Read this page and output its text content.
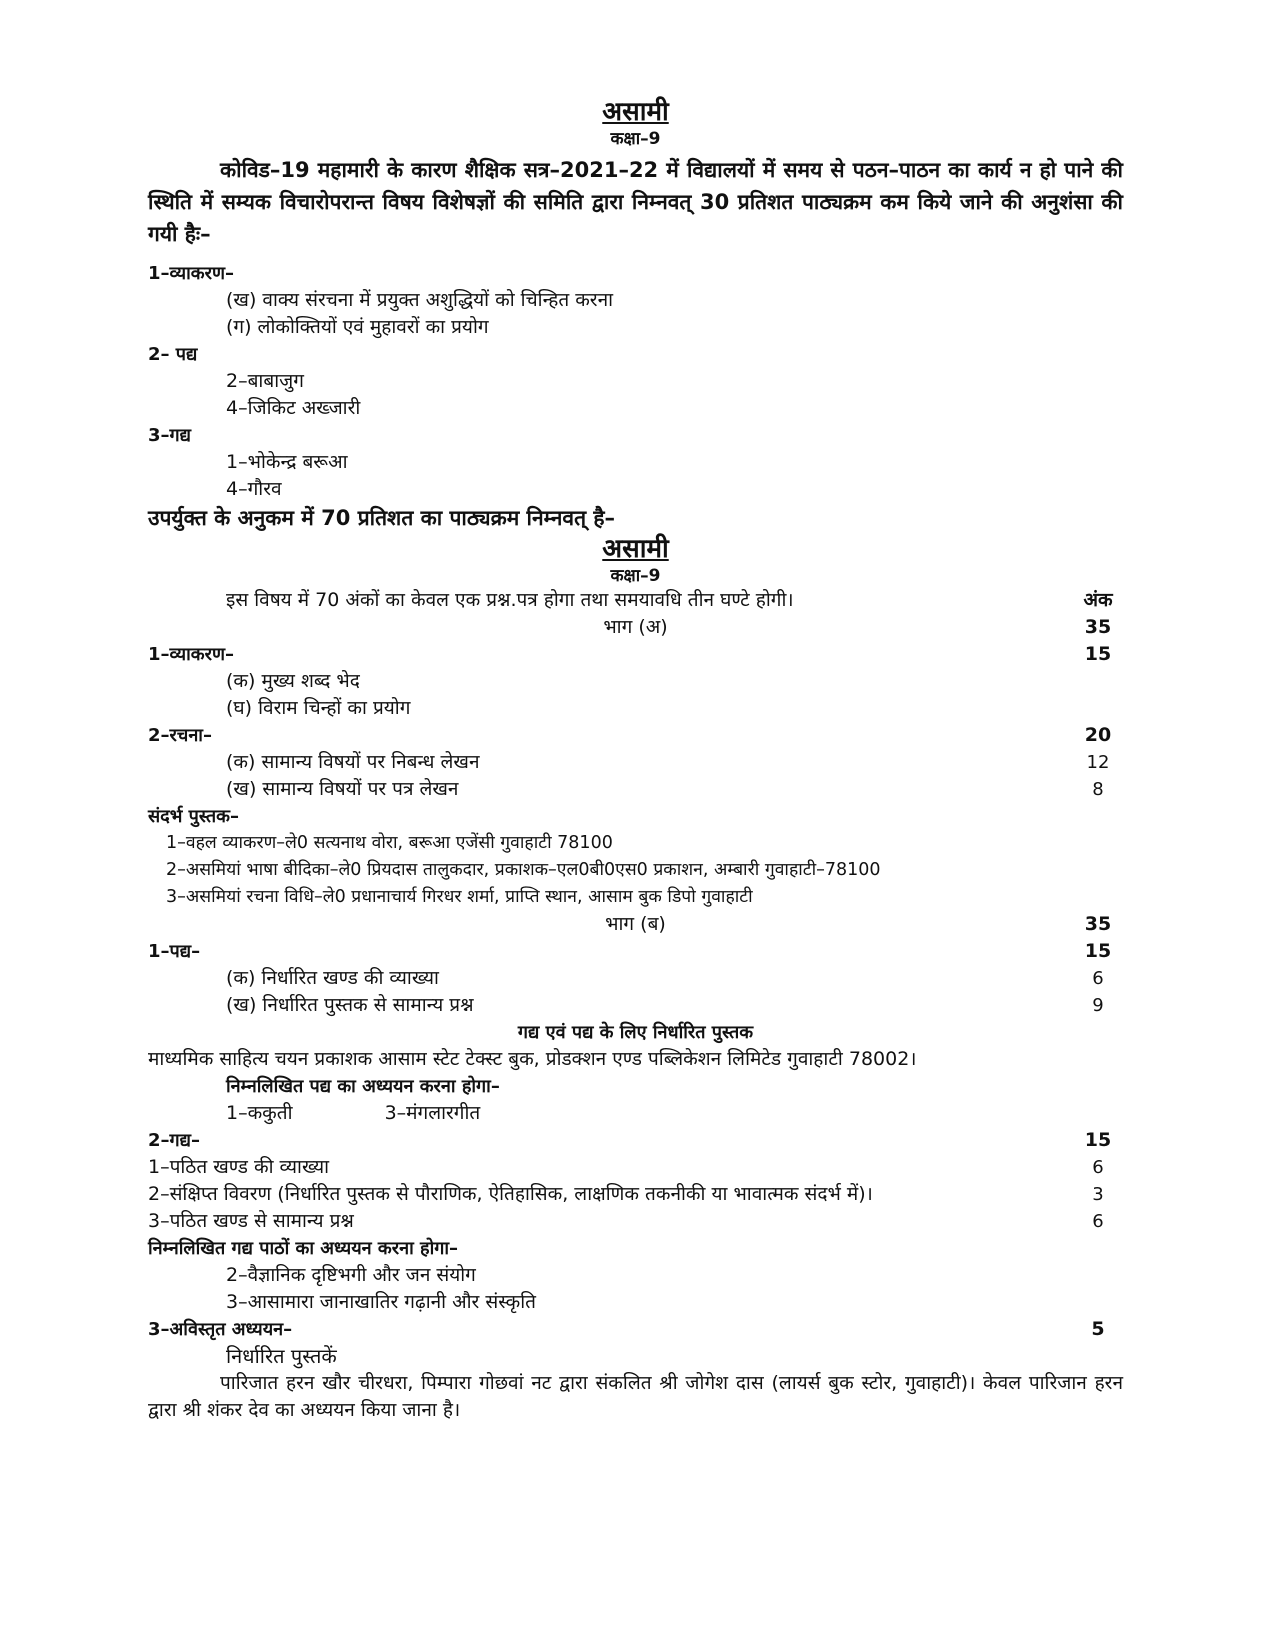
असामी
कक्षा–9

कोविड–19 महामारी के कारण शैक्षिक सत्र–2021–22 में विद्यालयों में समय से पठन–पाठन का कार्य न हो पाने की स्थिति में सम्यक विचारोपरान्त विषय विशेषज्ञों की समिति द्वारा निम्नवत् 30 प्रतिशत पाठ्यक्रम कम किये जाने की अनुशंसा की गयी हैः–

1–व्याकरण–
(ख) वाक्य संरचना में प्रयुक्त अशुद्धियों को चिन्हित करना
(ग) लोकोक्तियों एवं मुहावरों का प्रयोग
2– पद्य
2–बाबाजुग
4–जिकिट अख्जारी
3–गद्य
1–भोकेन्द्र बरूआ
4–गौरव
उपर्युक्त के अनुकम में 70 प्रतिशत का पाठ्यक्रम निम्नवत् है–
असामी
कक्षा–9
इस विषय में 70 अंकों का केवल एक प्रश्न.पत्र होगा तथा समयावधि तीन घण्टे होगी।	अंक
भाग (अ)	35
1–व्याकरण–	15
(क) मुख्य शब्द भेद
(घ) विराम चिन्हों का प्रयोग
2–रचना–	20
(क) सामान्य विषयों पर निबन्ध लेखन	12
(ख) सामान्य विषयों पर पत्र लेखन	8
संदर्भ पुस्तक–
1–वहल व्याकरण–ले0 सत्यनाथ वोरा, बरूआ एजेंसी गुवाहाटी 78100
2–असमियां भाषा बीदिका–ले0 प्रियदास तालुकदार, प्रकाशक–एल0बी0एस0 प्रकाशन, अम्बारी गुवाहाटी–78100
3–असमियां रचना विधि–ले0 प्रधानाचार्य गिरधर शर्मा, प्राप्ति स्थान, आसाम बुक डिपो गुवाहाटी
भाग (ब)	35
1–पद्य–	15
(क) निर्धारित खण्ड की व्याख्या	6
(ख) निर्धारित पुस्तक से सामान्य प्रश्न	9
गद्य एवं पद्य के लिए निर्धारित पुस्तक
माध्यमिक साहित्य चयन प्रकाशक आसाम स्टेट टेक्स्ट बुक, प्रोडक्शन एण्ड पब्लिकेशन लिमिटेड गुवाहाटी 78002।
निम्नलिखित पद्य का अध्ययन करना होगा–
1–ककुती	3–मंगलारगीत
2–गद्य–	15
1–पठित खण्ड की व्याख्या	6
2–संक्षिप्त विवरण (निर्धारित पुस्तक से पौराणिक, ऐतिहासिक, लाक्षणिक तकनीकी या भावात्मक संदर्भ में)।	3
3–पठित खण्ड से सामान्य प्रश्न	6
निम्नलिखित गद्य पाठों का अध्ययन करना होगा–
2–वैज्ञानिक दृष्टिभगी और जन संयोग
3–आसामारा जानाखातिर गढ़ानी और संस्कृति
3–अविस्तृत अध्ययन–	5
निर्धारित पुस्तकें
पारिजात हरन खौर चीरधरा, पिम्पारा गोछवां नट द्वारा संकलित श्री जोगेश दास (लायर्स बुक स्टोर, गुवाहाटी)। केवल पारिजान हरन द्वारा श्री शंकर देव का अध्ययन किया जाना है।
